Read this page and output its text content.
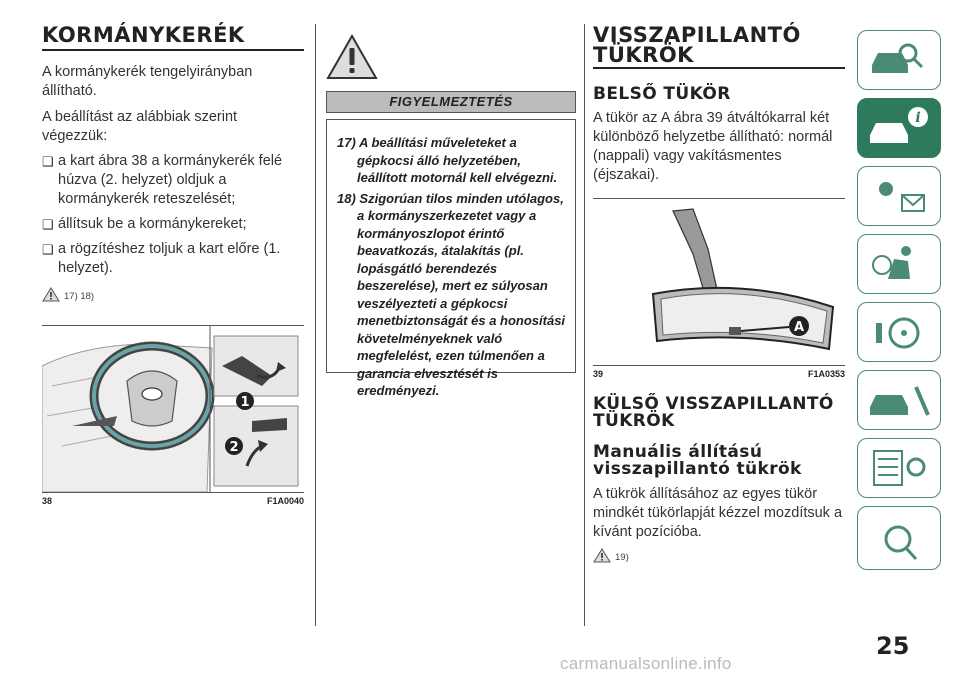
KORMÁNYKERÉK

A kormánykerék tengelyirányban állítható.

A beállítást az alábbiak szerint végezzük:

❑ a kart ábra 38 a kormánykerék felé húzva (2. helyzet) oldjuk a kormánykerék reteszelését;
❑ állítsuk be a kormánykereket;
❑ a rögzítéshez toljuk a kart előre (1. helyzet).
17) 18)
1
2
38	F1A0040
FIGYELMEZTETÉS
17) A beállítási műveleteket a gépkocsi álló helyzetében, leállított motornál kell elvégezni.
18) Szigorúan tilos minden utólagos, a kormányszerkezetet vagy a kormányoszlopot érintő beavatkozás, átalakítás (pl. lopásgátló berendezés beszerelése), mert ez súlyosan veszélyezteti a gépkocsi menetbiztonságát és a honosítási követelményeknek való megfelelést, ezen túlmenően a garancia elvesztését is eredményezi.
VISSZAPILLANTÓ
TÜKRÖK
BELSŐ TÜKÖR

A tükör az A ábra 39 átváltókarral két különböző helyzetbe állítható: normál (nappali) vagy vakításmentes (éjszakai).

A
39	F1A0353
KÜLSŐ VISSZAPILLANTÓ
TÜKRÖK
Manuális állítású
visszapillantó tükrök

A tükrök állításához az egyes tükör mindkét tükörlapját kézzel mozdítsuk a kívánt pozícióba.

19)
i
25
carmanualsonline.info
